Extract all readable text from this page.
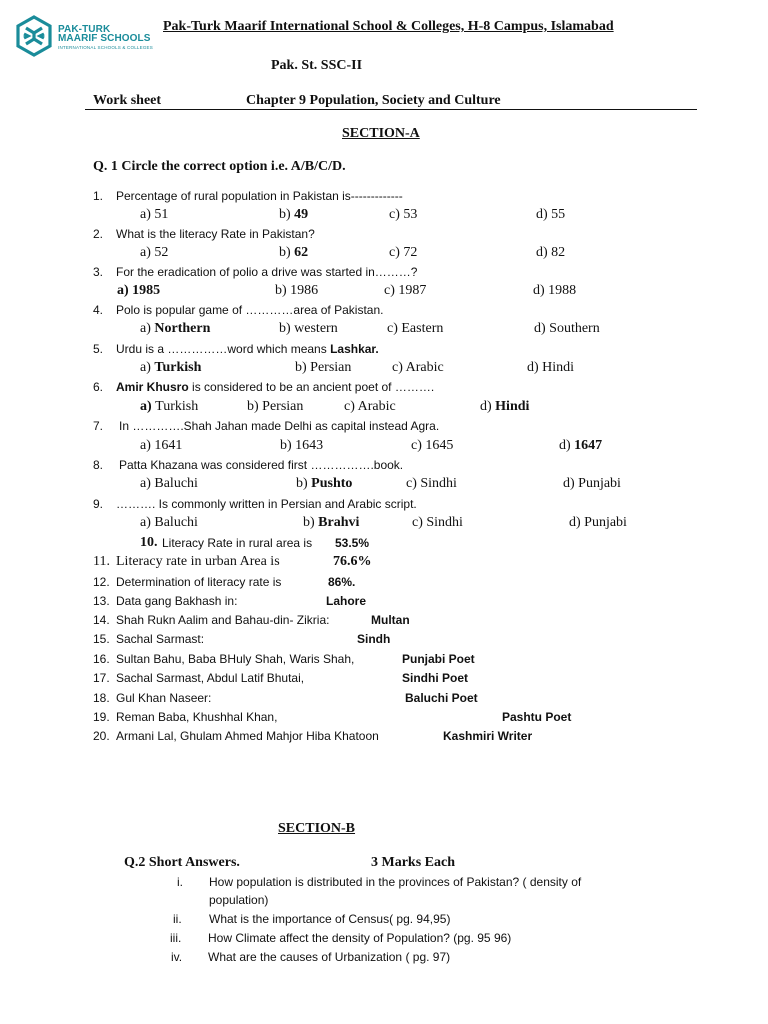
PAK-TURK
MAARIF SCHOOLS
INTERNATIONAL SCHOOLS & COLLEGES
Pak-Turk Maarif International School & Colleges, H-8 Campus, Islamabad
Pak. St. SSC-II
Work sheet	Chapter 9 Population, Society and Culture
SECTION-A
Q. 1 Circle the correct option i.e. A/B/C/D.
1. Percentage of rural population in Pakistan is-------------
a) 51	b) 49	c) 53	d) 55
2. What is the literacy Rate in Pakistan?
a) 52	b) 62	c) 72	d) 82
3. For the eradication of polio a drive was started in………?
a) 1985	b) 1986	c) 1987	d) 1988
4. Polo is popular game of …………area of Pakistan.
a) Northern	b) western	c) Eastern	d) Southern
5. Urdu is a ……………word which means Lashkar.
a) Turkish	b) Persian	c) Arabic	d) Hindi
6. Amir Khusro is considered to be an ancient poet of ……….
a) Turkish	b) Persian	c) Arabic	d) Hindi
7. In ………….Shah Jahan made Delhi as capital instead Agra.
a) 1641	b) 1643	c) 1645	d) 1647
8. Patta Khazana was considered first …………….book.
a) Baluchi	b) Pushto	c) Sindhi	d) Punjabi
9. ………. Is commonly written in Persian and Arabic script.
a) Baluchi	b) Brahvi	c) Sindhi	d) Punjabi
10. Literacy Rate in rural area is 53.5%
11. Literacy rate in urban Area is	76.6%
12. Determination of literacy rate is	86%.
13. Data gang Bakhash in:	Lahore
14. Shah Rukn Aalim and Bahau-din- Zikria:	Multan
15. Sachal Sarmast:	Sindh
16. Sultan Bahu, Baba BHuly Shah, Waris Shah,	Punjabi Poet
17. Sachal Sarmast, Abdul Latif Bhutai,	Sindhi Poet
18. Gul Khan Naseer:	Baluchi Poet
19. Reman Baba, Khushhal Khan,	Pashtu Poet
20. Armani Lal, Ghulam Ahmed Mahjor Hiba Khatoon	Kashmiri Writer
SECTION-B
Q.2 Short Answers.	3 Marks Each
i. How population is distributed in the provinces of Pakistan? ( density of
population)
ii. What is the importance of Census( pg. 94,95)
iii. How Climate affect the density of Population? (pg. 95 96)
iv. What are the causes of Urbanization ( pg. 97)
